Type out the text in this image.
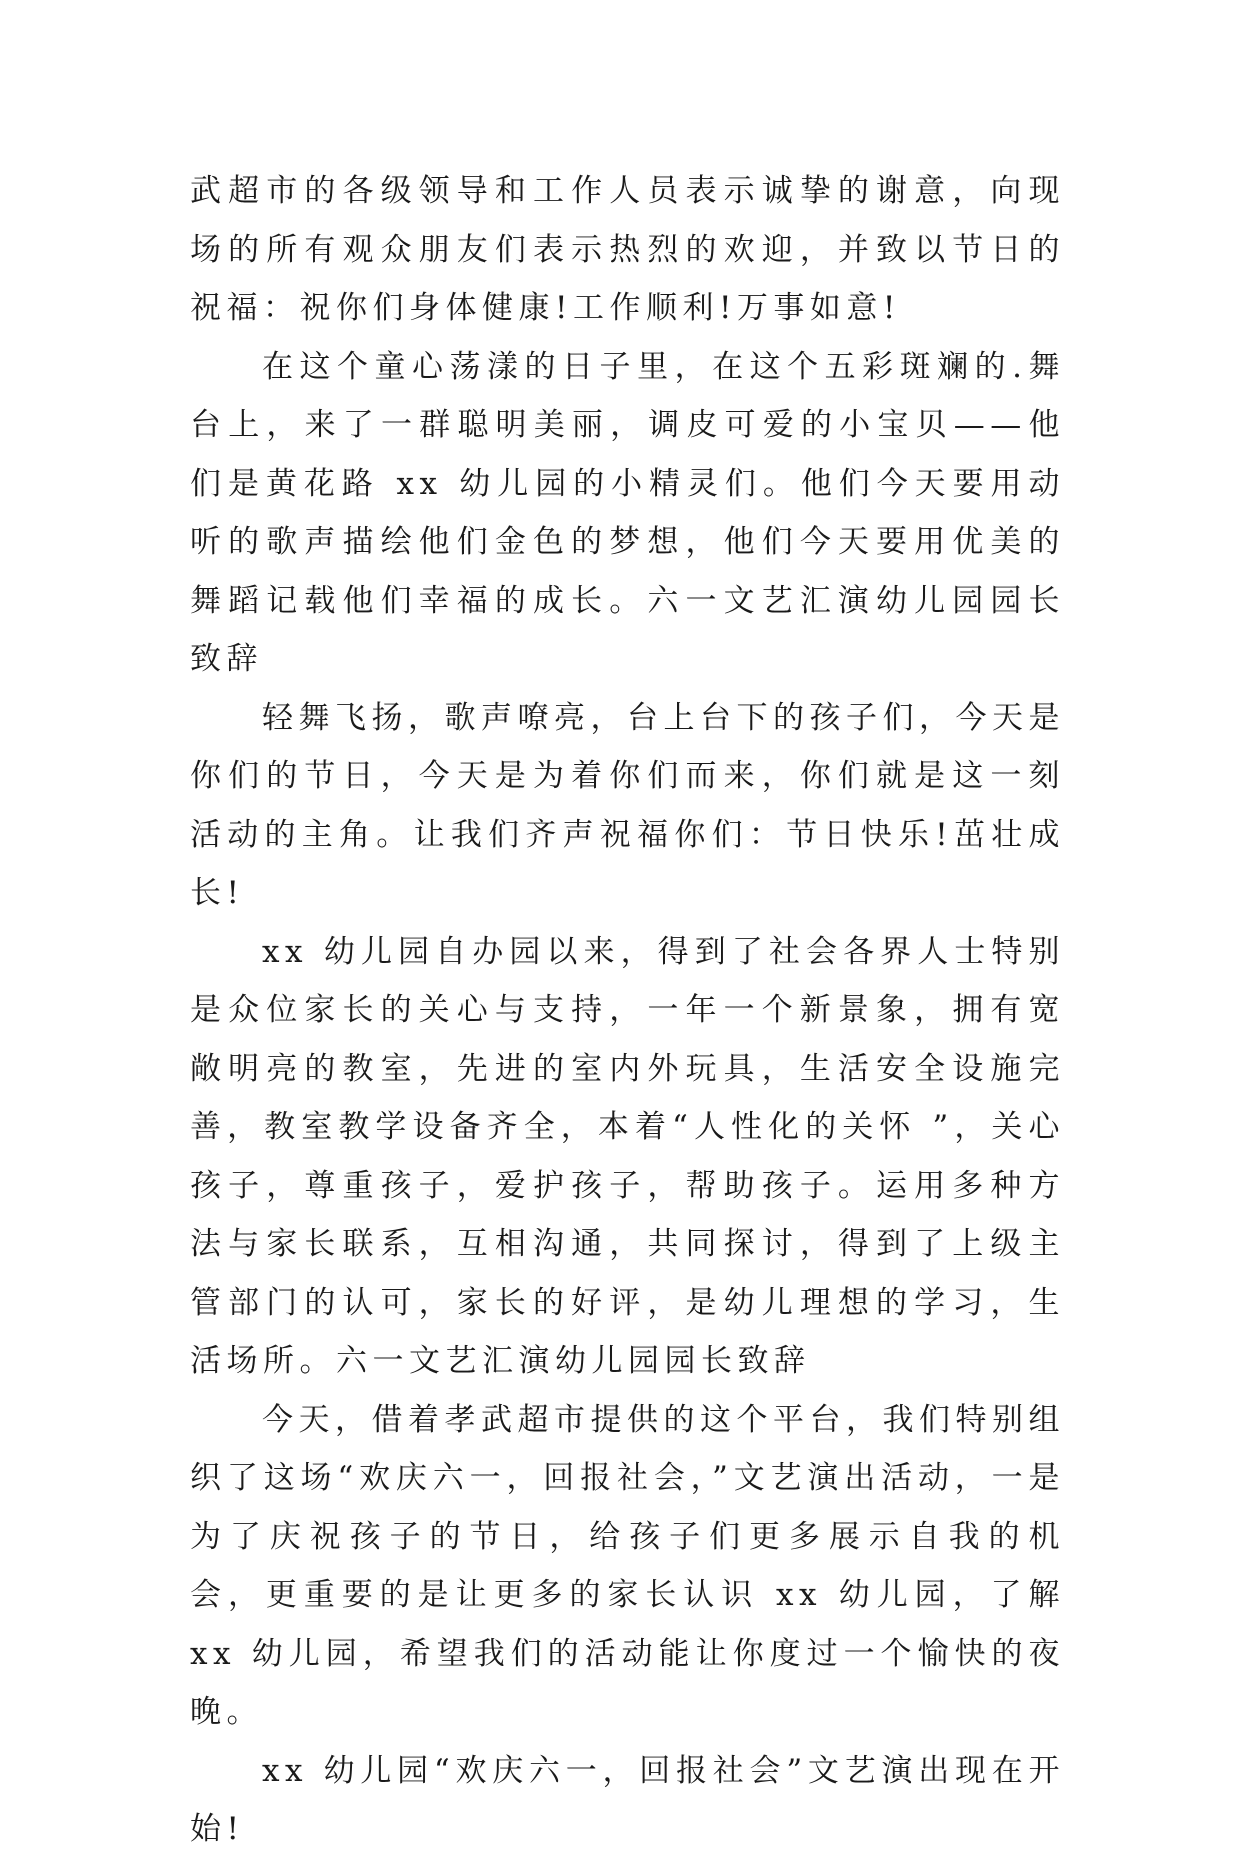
武超市的各级领导和工作人员表示诚挚的谢意，向现场的所有观众朋友们表示热烈的欢迎，并致以节日的祝福：祝你们身体健康!工作顺利!万事如意!

在这个童心荡漾的日子里，在这个五彩斑斓的.舞台上，来了一群聪明美丽，调皮可爱的小宝贝——他们是黄花路 xx 幼儿园的小精灵们。他们今天要用动听的歌声描绘他们金色的梦想，他们今天要用优美的舞蹈记载他们幸福的成长。六一文艺汇演幼儿园园长致辞

轻舞飞扬，歌声嘹亮，台上台下的孩子们，今天是你们的节日，今天是为着你们而来，你们就是这一刻活动的主角。让我们齐声祝福你们：节日快乐!茁壮成长!

xx 幼儿园自办园以来，得到了社会各界人士特别是众位家长的关心与支持，一年一个新景象，拥有宽敞明亮的教室，先进的室内外玩具，生活安全设施完善，教室教学设备齐全，本着“人性化的关怀 ”，关心孩子，尊重孩子，爱护孩子，帮助孩子。运用多种方法与家长联系，互相沟通，共同探讨，得到了上级主管部门的认可，家长的好评，是幼儿理想的学习，生活场所。六一文艺汇演幼儿园园长致辞

今天，借着孝武超市提供的这个平台，我们特别组织了这场“欢庆六一，回报社会，”文艺演出活动，一是为了庆祝孩子的节日，给孩子们更多展示自我的机会，更重要的是让更多的家长认识 xx 幼儿园，了解 xx 幼儿园，希望我们的活动能让你度过一个愉快的夜晚。

xx 幼儿园“欢庆六一，回报社会”文艺演出现在开始!
